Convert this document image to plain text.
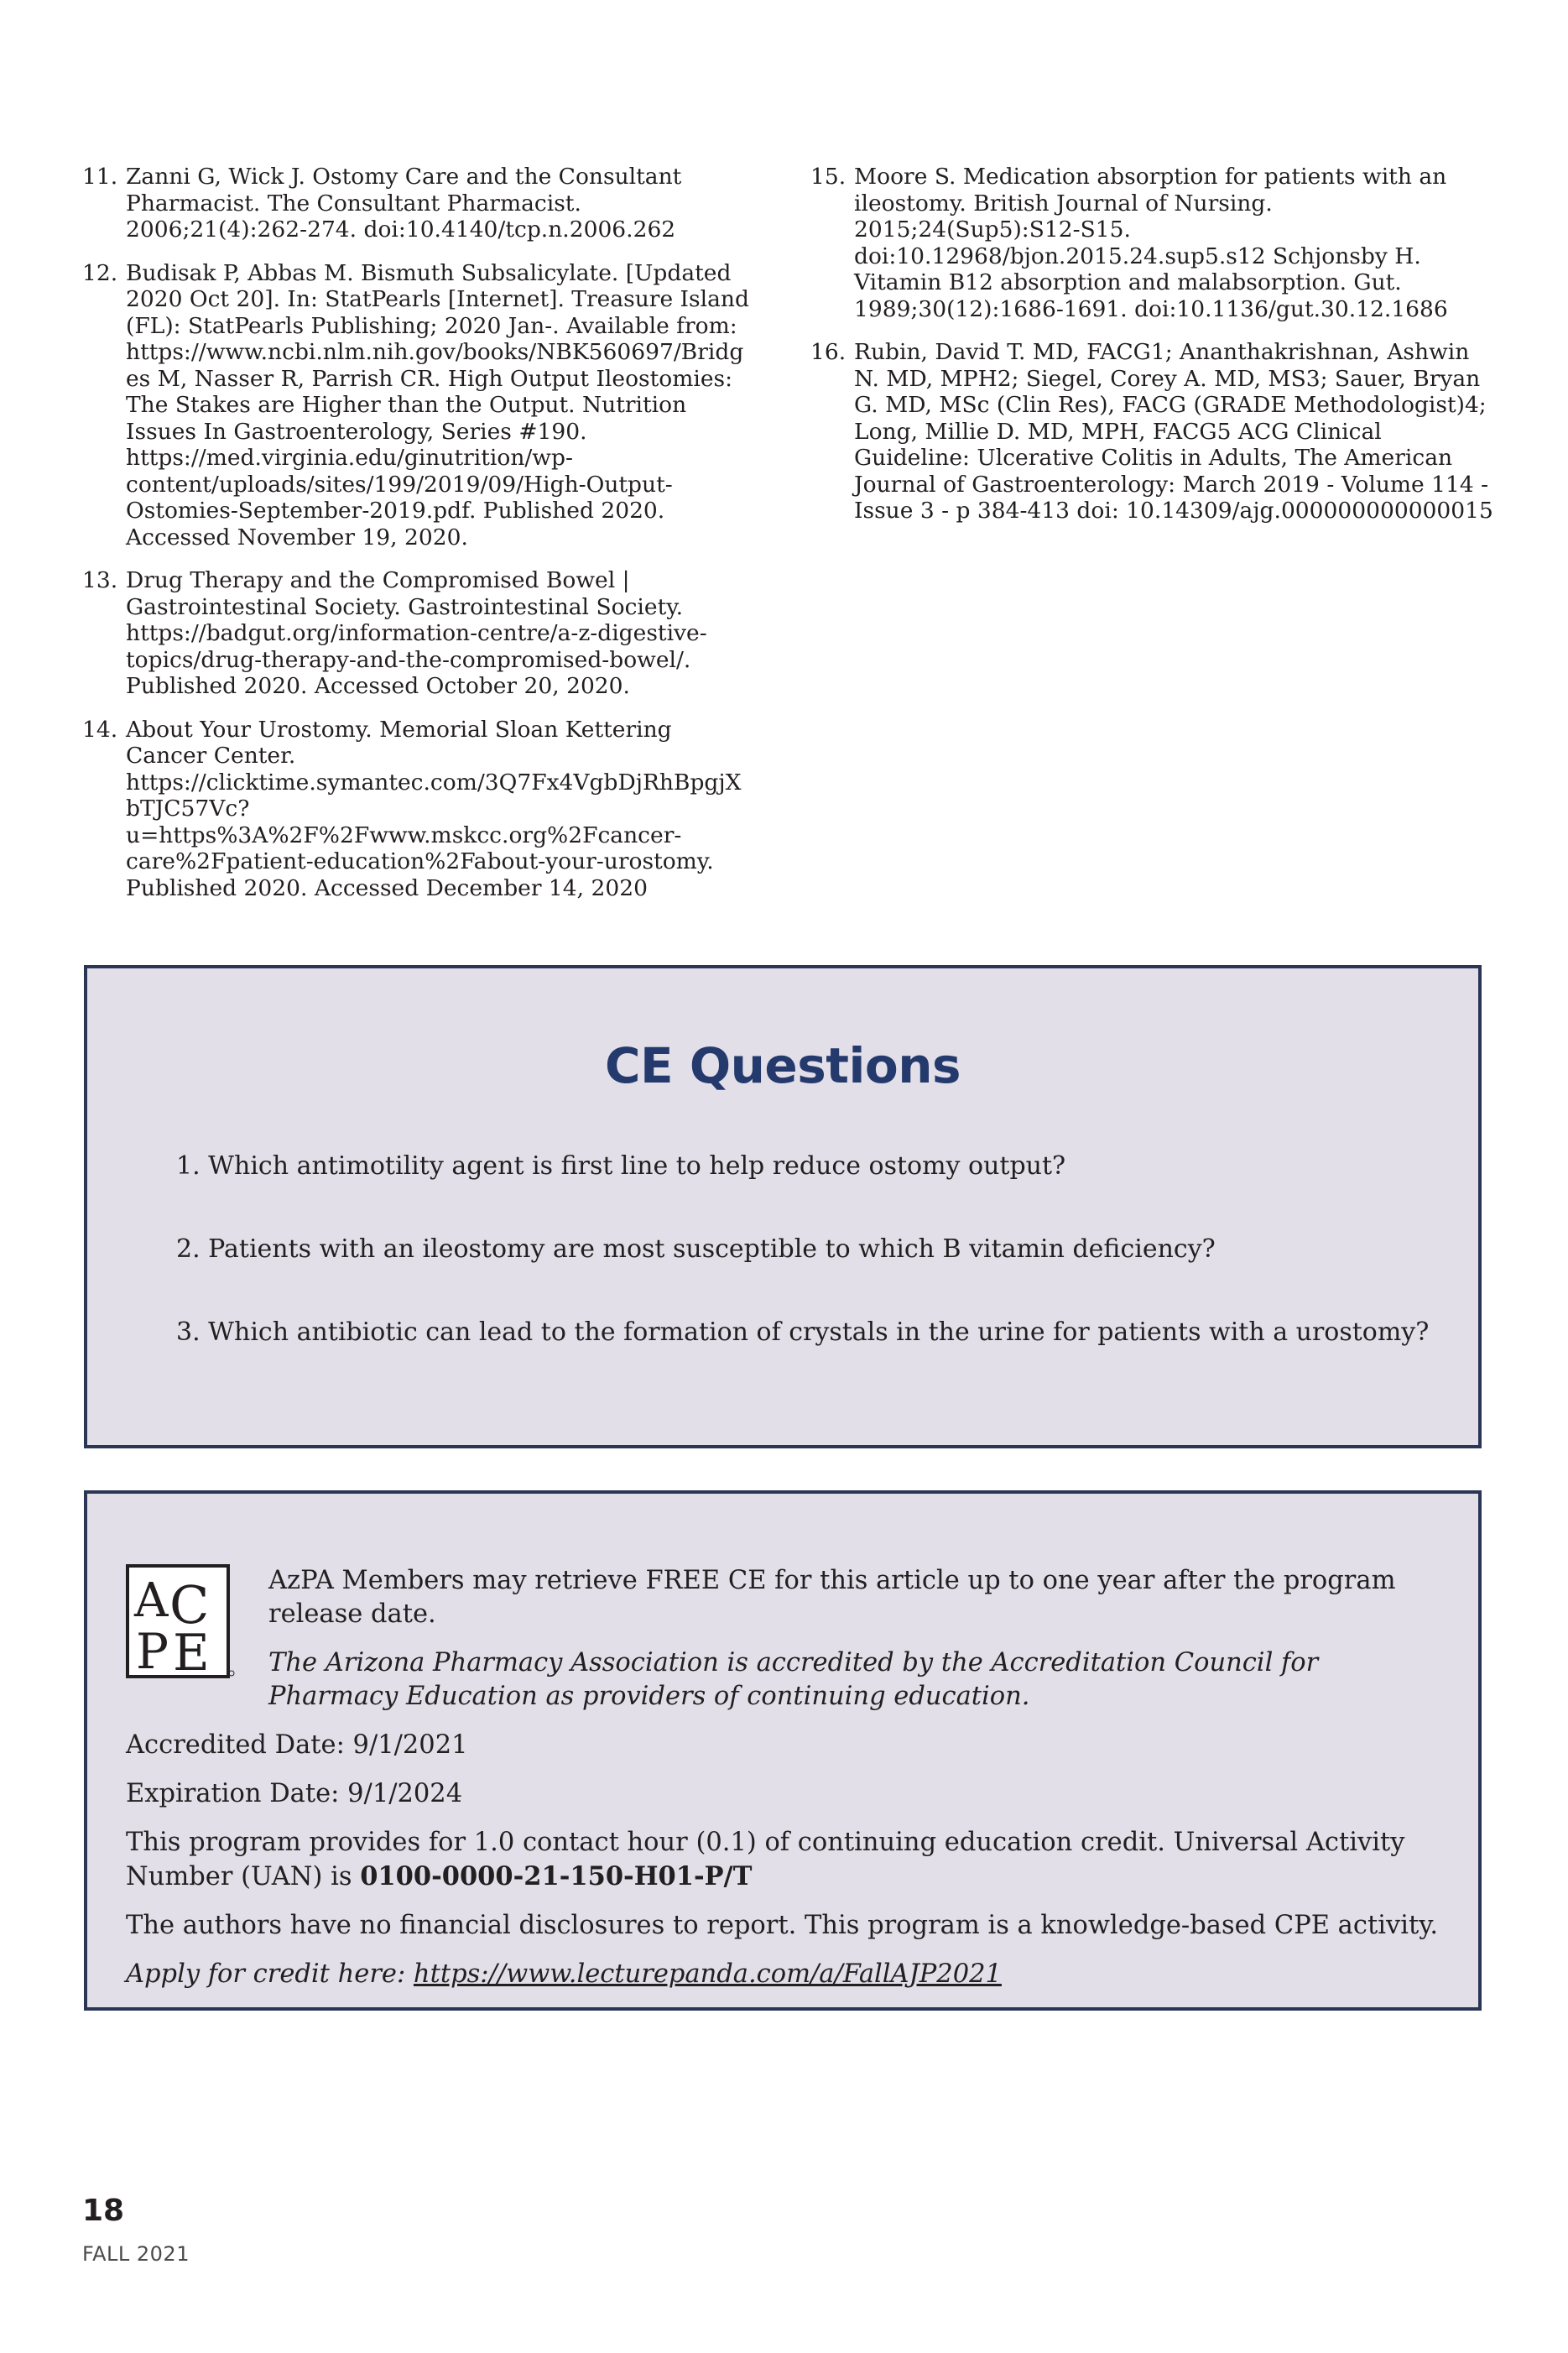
11. Zanni G, Wick J. Ostomy Care and the Consultant Pharmacist. The Consultant Pharmacist. 2006;21(4):262-274. doi:10.4140/tcp.n.2006.262
12. Budisak P, Abbas M. Bismuth Subsalicylate. [Updated 2020 Oct 20]. In: StatPearls [Internet]. Treasure Island (FL): StatPearls Publishing; 2020 Jan-. Available from: https://www.ncbi.nlm.nih.gov/books/NBK560697/Bridges M, Nasser R, Parrish CR. High Output Ileostomies: The Stakes are Higher than the Output. Nutrition Issues In Gastroenterology, Series #190. https://med.virginia.edu/ginutrition/wp-content/uploads/sites/199/2019/09/High-Output-Ostomies-September-2019.pdf. Published 2020. Accessed November 19, 2020.
13. Drug Therapy and the Compromised Bowel | Gastrointestinal Society. Gastrointestinal Society. https://badgut.org/information-centre/a-z-digestive-topics/drug-therapy-and-the-compromised-bowel/. Published 2020. Accessed October 20, 2020.
14. About Your Urostomy. Memorial Sloan Kettering Cancer Center. https://clicktime.symantec.com/3Q7Fx4VgbDjRhBpgjXbTJC57Vc?u=https%3A%2F%2Fwww.mskcc.org%2Fcancer-care%2Fpatient-education%2Fabout-your-urostomy. Published 2020. Accessed December 14, 2020
15. Moore S. Medication absorption for patients with an ileostomy. British Journal of Nursing. 2015;24(Sup5):S12-S15. doi:10.12968/bjon.2015.24.sup5.s12 Schjonsby H. Vitamin B12 absorption and malabsorption. Gut. 1989;30(12):1686-1691. doi:10.1136/gut.30.12.1686
16. Rubin, David T. MD, FACG1; Ananthakrishnan, Ashwin N. MD, MPH2; Siegel, Corey A. MD, MS3; Sauer, Bryan G. MD, MSc (Clin Res), FACG (GRADE Methodologist)4; Long, Millie D. MD, MPH, FACG5 ACG Clinical Guideline: Ulcerative Colitis in Adults, The American Journal of Gastroenterology: March 2019 - Volume 114 - Issue 3 - p 384-413 doi: 10.14309/ajg.000000000000015
CE Questions
1. Which antimotility agent is first line to help reduce ostomy output?
2. Patients with an ileostomy are most susceptible to which B vitamin deficiency?
3. Which antibiotic can lead to the formation of crystals in the urine for patients with a urostomy?
A C
P E

AzPA Members may retrieve FREE CE for this article up to one year after the program release date.

The Arizona Pharmacy Association is accredited by the Accreditation Council for Pharmacy Education as providers of continuing education.

Accredited Date: 9/1/2021

Expiration Date: 9/1/2024

This program provides for 1.0 contact hour (0.1) of continuing education credit. Universal Activity Number (UAN) is 0100-0000-21-150-H01-P/T

The authors have no financial disclosures to report. This program is a knowledge-based CPE activity.

Apply for credit here: https://www.lecturepanda.com/a/FallAJP2021

18
FALL 2021
